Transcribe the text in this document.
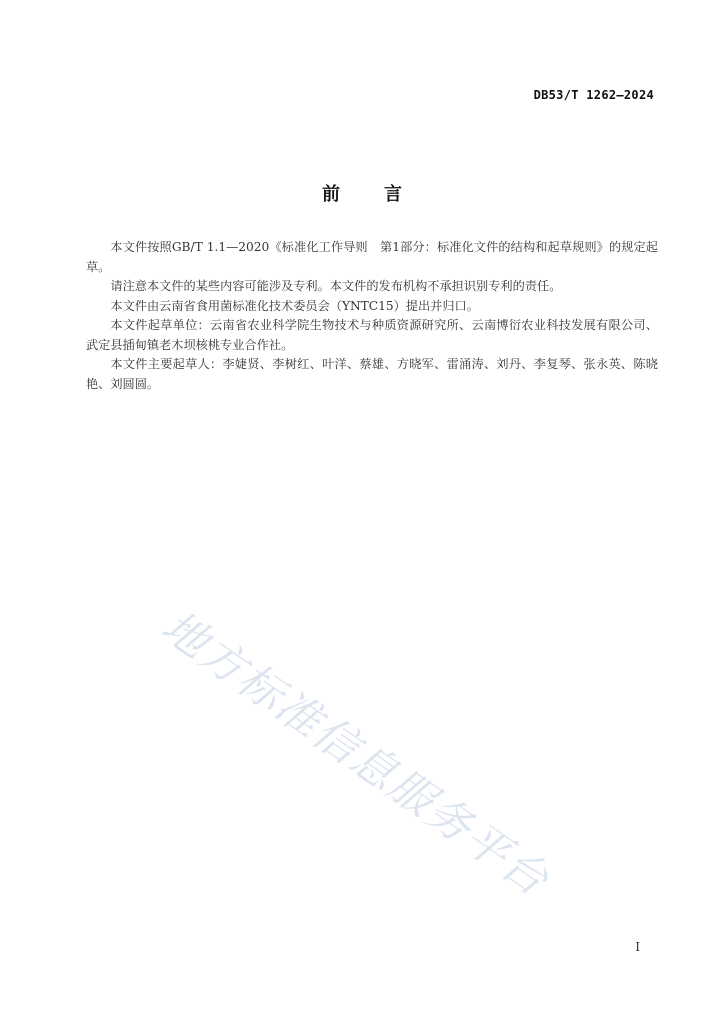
DB53/T 1262—2024
前 言

本文件按照GB/T 1.1—2020《标准化工作导则　第1部分：标准化文件的结构和起草规则》的规定起草。

请注意本文件的某些内容可能涉及专利。本文件的发布机构不承担识别专利的责任。

本文件由云南省食用菌标准化技术委员会（YNTC15）提出并归口。

本文件起草单位：云南省农业科学院生物技术与种质资源研究所、云南博衍农业科技发展有限公司、武定县插甸镇老木坝核桃专业合作社。

本文件主要起草人：李婕贤、李树红、叶洋、蔡雄、方晓军、雷涌涛、刘丹、李复琴、张永英、陈晓艳、刘圆圆。

地方标准信息服务平台
I
